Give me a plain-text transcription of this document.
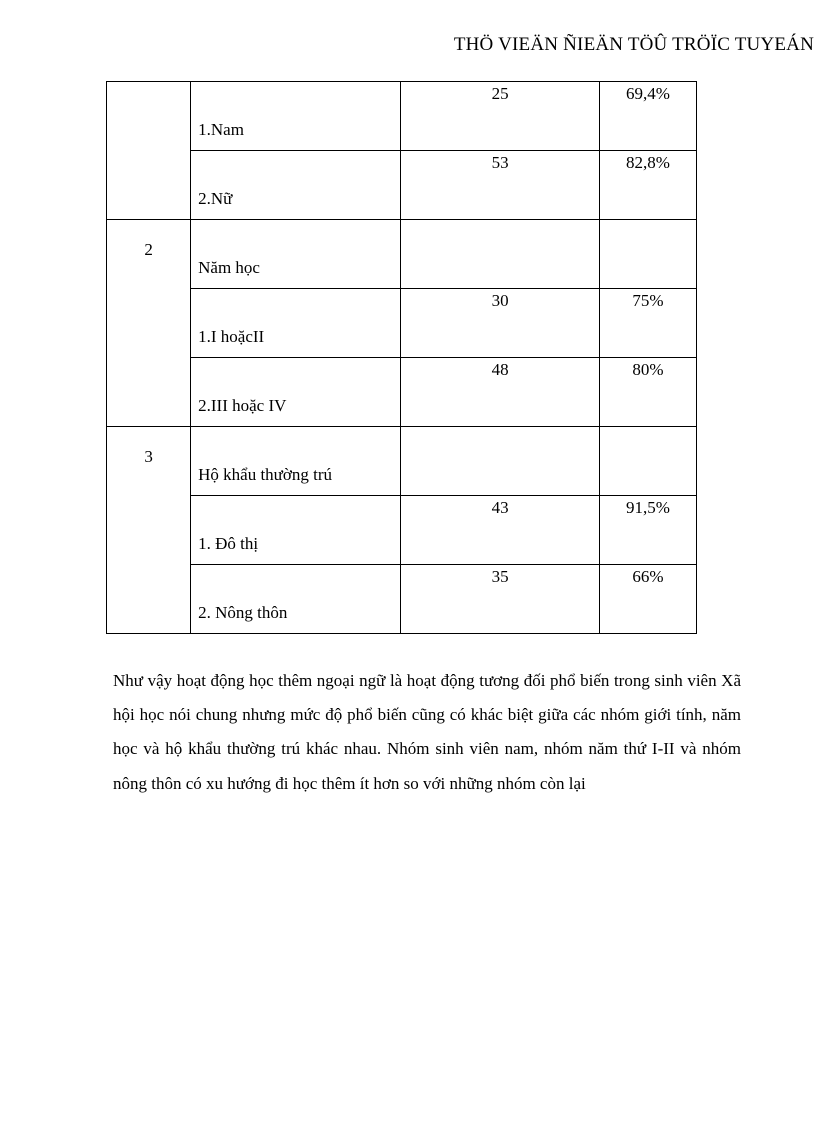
THÖ VIEÄN ÑIEÄN TÖÛ TRÖÏC TUYEÁN

	1.Nam	25	69,4%

	2.Nữ	53	82,8%

2	Năm học		

	1.I hoặcII	30	75%

	2.III hoặc IV	48	80%

3	Hộ khẩu thường trú		

	1. Đô thị	43	91,5%

	2. Nông thôn	35	66%

Như vậy hoạt động học thêm ngoại ngữ là hoạt động tương đối phổ biến trong sinh viên Xã hội học nói chung nhưng mức độ phổ biến cũng có khác biệt giữa các nhóm giới tính, năm học và hộ khẩu thường trú khác nhau. Nhóm sinh viên nam, nhóm năm thứ I-II và nhóm nông thôn có xu hướng đi học thêm ít hơn so với những nhóm còn lại
